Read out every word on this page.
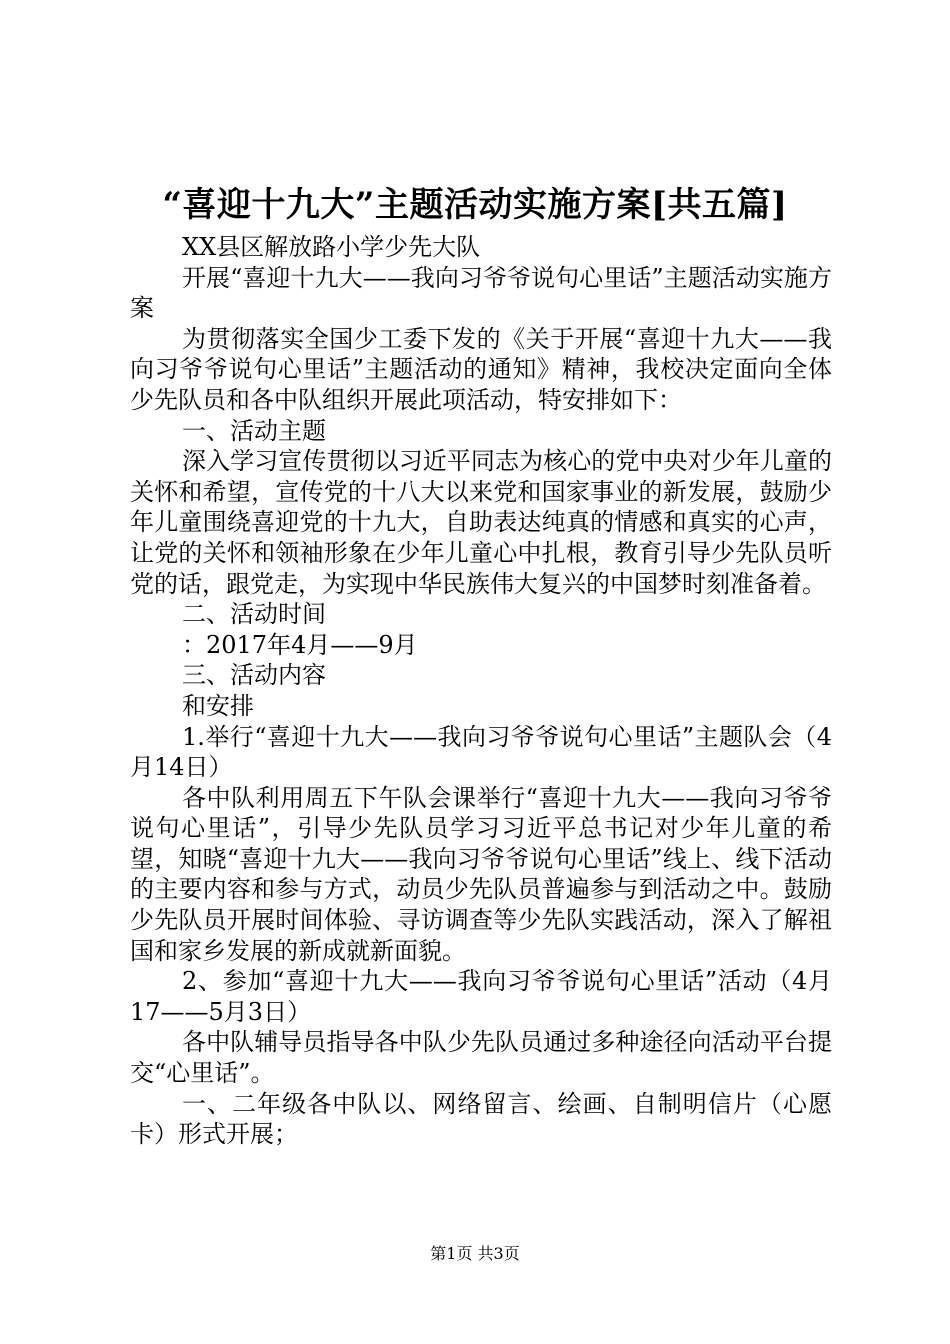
“喜迎十九大”主题活动实施方案[共五篇]

XX县区解放路小学少先大队

开展“喜迎十九大——我向习爷爷说句心里话”主题活动实施方案

为贯彻落实全国少工委下发的《关于开展“喜迎十九大——我向习爷爷说句心里话”主题活动的通知》精神，我校决定面向全体少先队员和各中队组织开展此项活动，特安排如下：

一、活动主题

深入学习宣传贯彻以习近平同志为核心的党中央对少年儿童的关怀和希望，宣传党的十八大以来党和国家事业的新发展，鼓励少年儿童围绕喜迎党的十九大，自助表达纯真的情感和真实的心声，让党的关怀和领袖形象在少年儿童心中扎根，教育引导少先队员听党的话，跟党走，为实现中华民族伟大复兴的中国梦时刻准备着。

二、活动时间

：2017年4月——9月

三、活动内容

和安排

1.举行“喜迎十九大——我向习爷爷说句心里话”主题队会（4月14日）

各中队利用周五下午队会课举行“喜迎十九大——我向习爷爷说句心里话”，引导少先队员学习习近平总书记对少年儿童的希望，知晓“喜迎十九大——我向习爷爷说句心里话”线上、线下活动的主要内容和参与方式，动员少先队员普遍参与到活动之中。鼓励少先队员开展时间体验、寻访调查等少先队实践活动，深入了解祖国和家乡发展的新成就新面貌。

2、参加“喜迎十九大——我向习爷爷说句心里话”活动（4月17——5月3日）

各中队辅导员指导各中队少先队员通过多种途径向活动平台提交“心里话”。

一、二年级各中队以、网络留言、绘画、自制明信片（心愿卡）形式开展；

第1页 共3页
